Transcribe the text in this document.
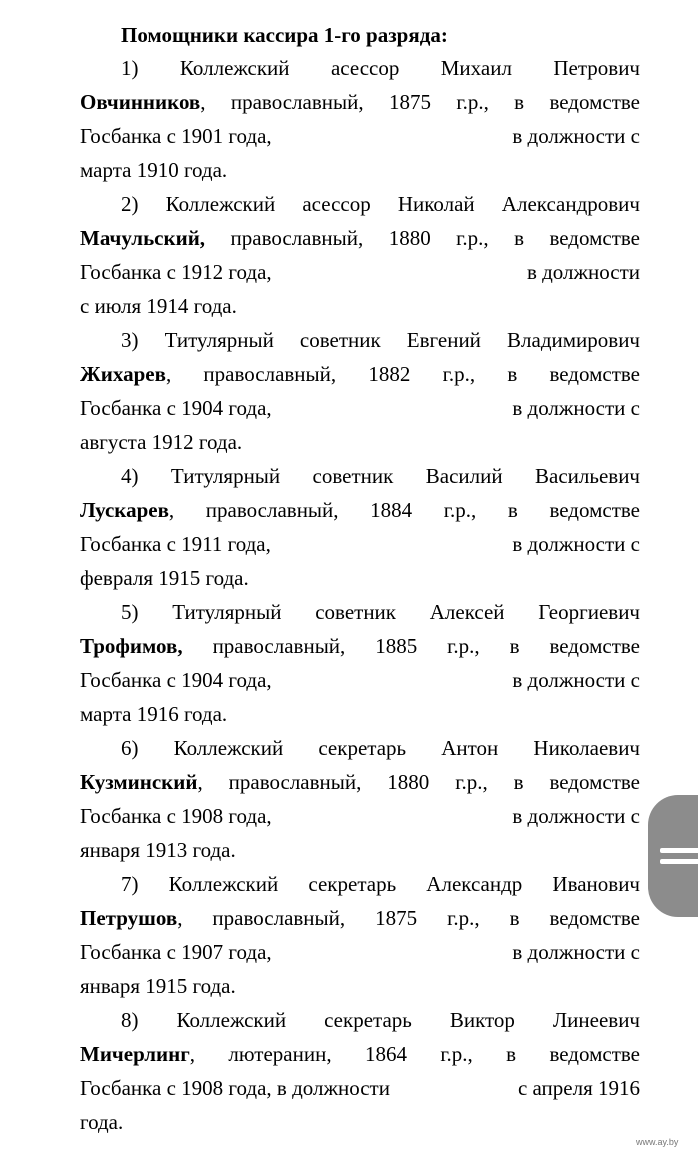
Помощники кассира 1-го разряда:
1) Коллежский асессор Михаил Петрович
Овчинников, православный, 1875 г.р., в ведомстве
Госбанка с 1901 года,	в должности с
марта 1910 года.
2) Коллежский асессор Николай Александрович
Мачульский, православный, 1880 г.р., в ведомстве
Госбанка с 1912 года,	в должности
с июля 1914 года.
3) Титулярный советник Евгений Владимирович
Жихарев, православный, 1882 г.р., в ведомстве
Госбанка с 1904 года,	в должности с
августа 1912 года.
4) Титулярный советник Василий Васильевич
Лускарев, православный, 1884 г.р., в ведомстве
Госбанка с 1911 года,	в должности с
февраля 1915 года.
5) Титулярный советник Алексей Георгиевич
Трофимов, православный, 1885 г.р., в ведомстве
Госбанка с 1904 года,	в должности с
марта 1916 года.
6) Коллежский секретарь Антон Николаевич
Кузминский, православный, 1880 г.р., в ведомстве
Госбанка с 1908 года,	в должности с
января 1913 года.
7) Коллежский секретарь Александр Иванович
Петрушов, православный, 1875 г.р., в ведомстве
Госбанка с 1907 года,	в должности с
января 1915 года.
8) Коллежский секретарь Виктор Линеевич
Мичерлинг, лютеранин, 1864 г.р., в ведомстве
Госбанка с 1908 года, в должности	с апреля 1916
года.
www.ay.by
